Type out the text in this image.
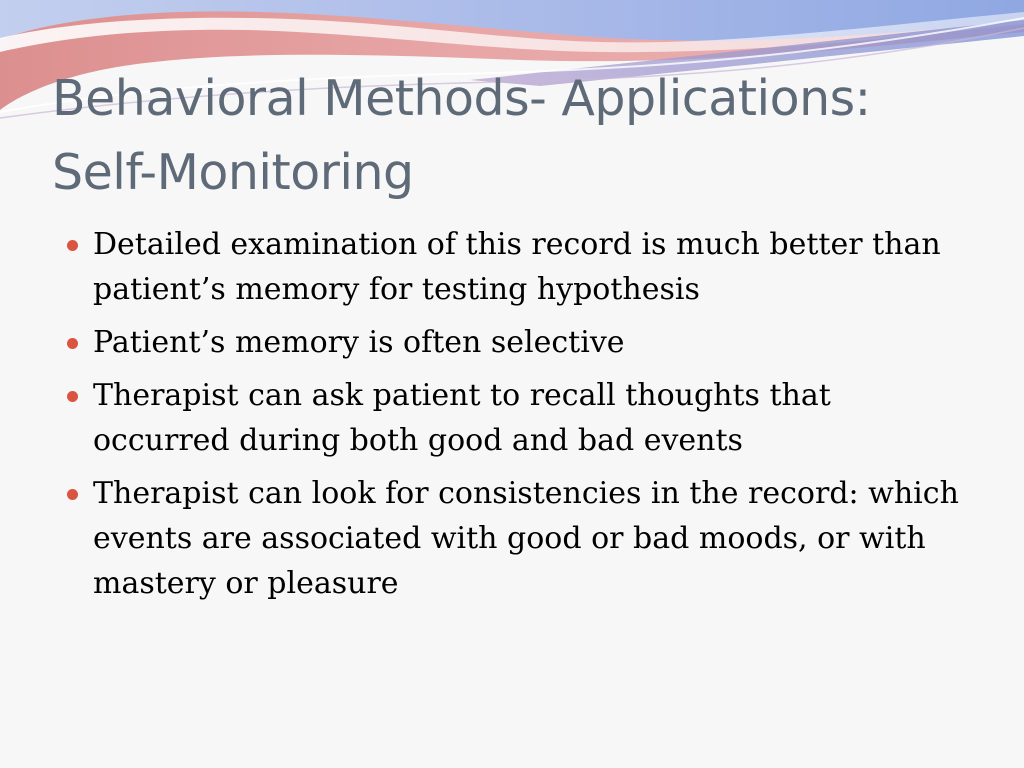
Behavioral Methods- Applications:
Self-Monitoring
Detailed examination of this record is much better than patient’s memory for testing hypothesis
Patient’s memory is often selective
Therapist can ask patient to recall thoughts that occurred during both good and bad events
Therapist can look for consistencies in the record: which events are associated with good or bad moods, or with mastery or pleasure
